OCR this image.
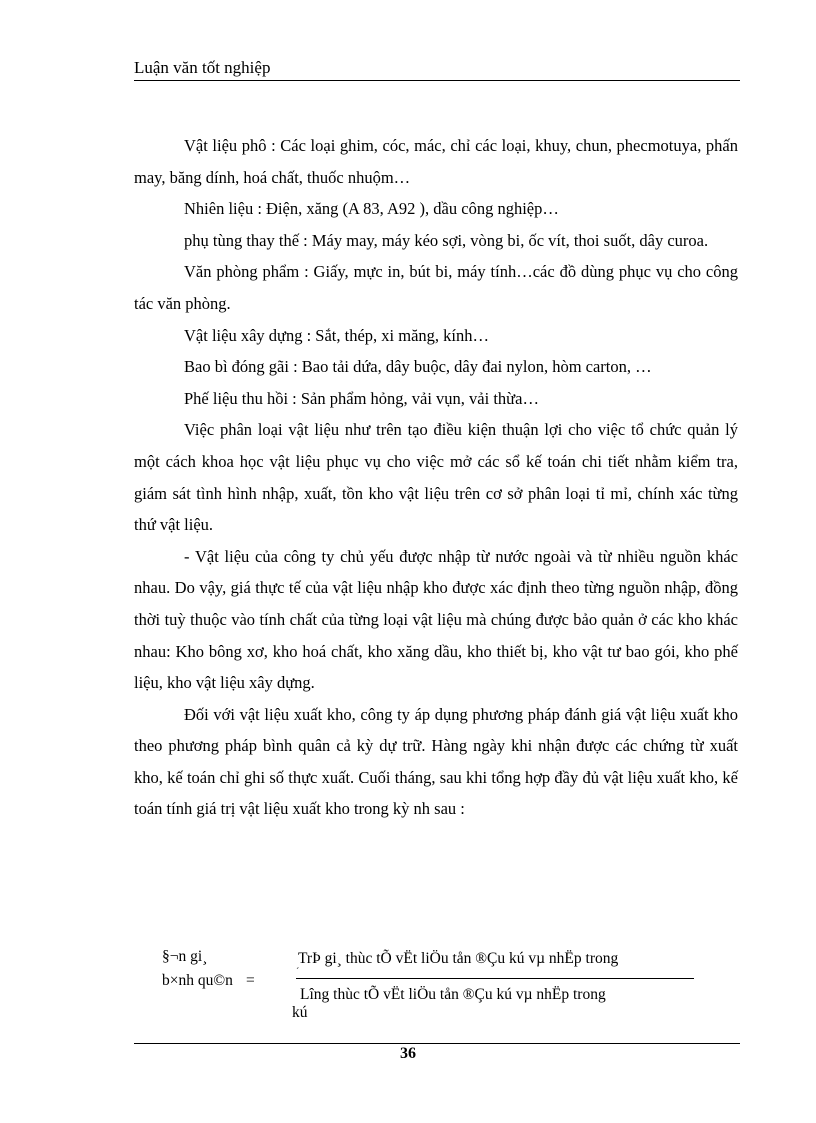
Luận văn tốt nghiệp

Vật liệu phô : Các loại ghim, cóc, mác, chỉ các loại, khuy, chun, phecmotuya, phấn may, băng dính, hoá chất, thuốc nhuộm…

Nhiên liệu : Điện, xăng (A 83, A92 ), dầu công nghiệp…

phụ tùng thay thế : Máy may, máy kéo sợi, vòng bi, ốc vít, thoi suốt, dây curoa.

Văn phòng phẩm : Giấy, mực in, bút bi, máy tính…các đồ dùng phục vụ cho công tác văn phòng.

Vật liệu xây dựng : Sắt, thép, xi măng, kính…

Bao bì đóng gãi : Bao tải dứa, dây buộc, dây đai nylon, hòm carton, …

Phế liệu thu hồi : Sản phẩm hỏng, vải vụn, vải thừa…

Việc phân loại vật liệu như trên tạo điều kiện thuận lợi cho việc tổ chức quản lý một cách khoa học vật liệu phục vụ cho việc mở các sổ kế toán chi tiết nhằm kiểm tra, giám sát tình hình nhập, xuất, tồn kho vật liệu trên cơ sở phân loại tỉ mỉ, chính xác từng thứ vật liệu.

- Vật liệu của công ty chủ yếu được nhập từ nước ngoài và từ nhiều nguồn khác nhau. Do vậy, giá thực tế của vật liệu nhập kho được xác định theo từng nguồn nhập, đồng thời tuỳ thuộc vào tính chất của từng loại vật liệu mà chúng được bảo quản ở các kho khác nhau: Kho bông xơ, kho hoá chất, kho xăng dầu, kho thiết bị, kho vật tư bao gói, kho phế liệu, kho vật liệu xây dựng.

Đối với vật liệu xuất kho, công ty áp dụng phương pháp đánh giá vật liệu xuất kho theo phương pháp bình quân cả kỳ dự trữ. Hàng ngày khi nhận được các chứng từ xuất kho, kế toán chỉ ghi số thực xuất. Cuối tháng, sau khi tổng hợp đầy đủ vật liệu xuất kho, kế toán tính giá trị vật liệu xuất kho trong kỳ nh sau :

§¬n gi¸
b×nh qu©n =
TrÞ gi¸ thùc tÕ vËt liÖu tån ®Çu kú vµ nhËp trong
´
Lîng thùc tÕ vËt liÖu tån ®Çu kú vµ nhËp trong
kú
36
